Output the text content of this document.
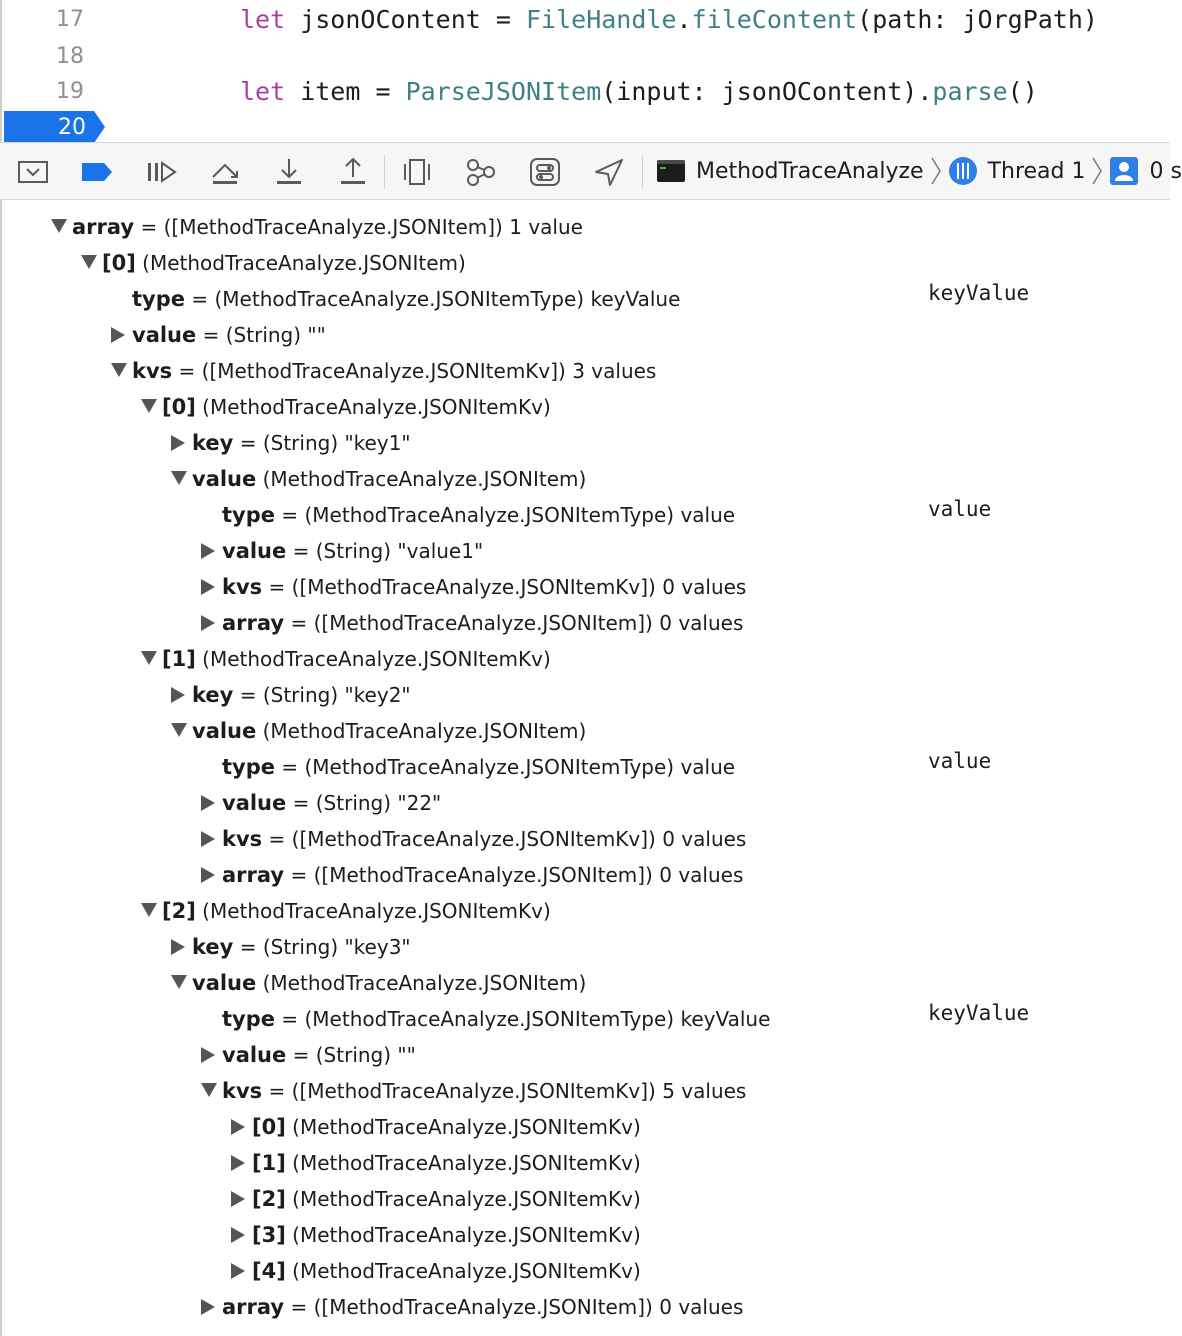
17	let jsonOContent = FileHandle.fileContent(path: jOrgPath)
18
19	let item = ParseJSONItem(input: jsonOContent).parse()
20
MethodTraceAnalyze	Thread 1	0 s
array = ([MethodTraceAnalyze.JSONItem]) 1 value
[0] (MethodTraceAnalyze.JSONItem)
type = (MethodTraceAnalyze.JSONItemType) keyValue	keyValue
value = (String) ""
kvs = ([MethodTraceAnalyze.JSONItemKv]) 3 values
[0] (MethodTraceAnalyze.JSONItemKv)
key = (String) "key1"
value (MethodTraceAnalyze.JSONItem)
type = (MethodTraceAnalyze.JSONItemType) value	value
value = (String) "value1"
kvs = ([MethodTraceAnalyze.JSONItemKv]) 0 values
array = ([MethodTraceAnalyze.JSONItem]) 0 values
[1] (MethodTraceAnalyze.JSONItemKv)
key = (String) "key2"
value (MethodTraceAnalyze.JSONItem)
type = (MethodTraceAnalyze.JSONItemType) value	value
value = (String) "22"
kvs = ([MethodTraceAnalyze.JSONItemKv]) 0 values
array = ([MethodTraceAnalyze.JSONItem]) 0 values
[2] (MethodTraceAnalyze.JSONItemKv)
key = (String) "key3"
value (MethodTraceAnalyze.JSONItem)
type = (MethodTraceAnalyze.JSONItemType) keyValue	keyValue
value = (String) ""
kvs = ([MethodTraceAnalyze.JSONItemKv]) 5 values
[0] (MethodTraceAnalyze.JSONItemKv)
[1] (MethodTraceAnalyze.JSONItemKv)
[2] (MethodTraceAnalyze.JSONItemKv)
[3] (MethodTraceAnalyze.JSONItemKv)
[4] (MethodTraceAnalyze.JSONItemKv)
array = ([MethodTraceAnalyze.JSONItem]) 0 values
